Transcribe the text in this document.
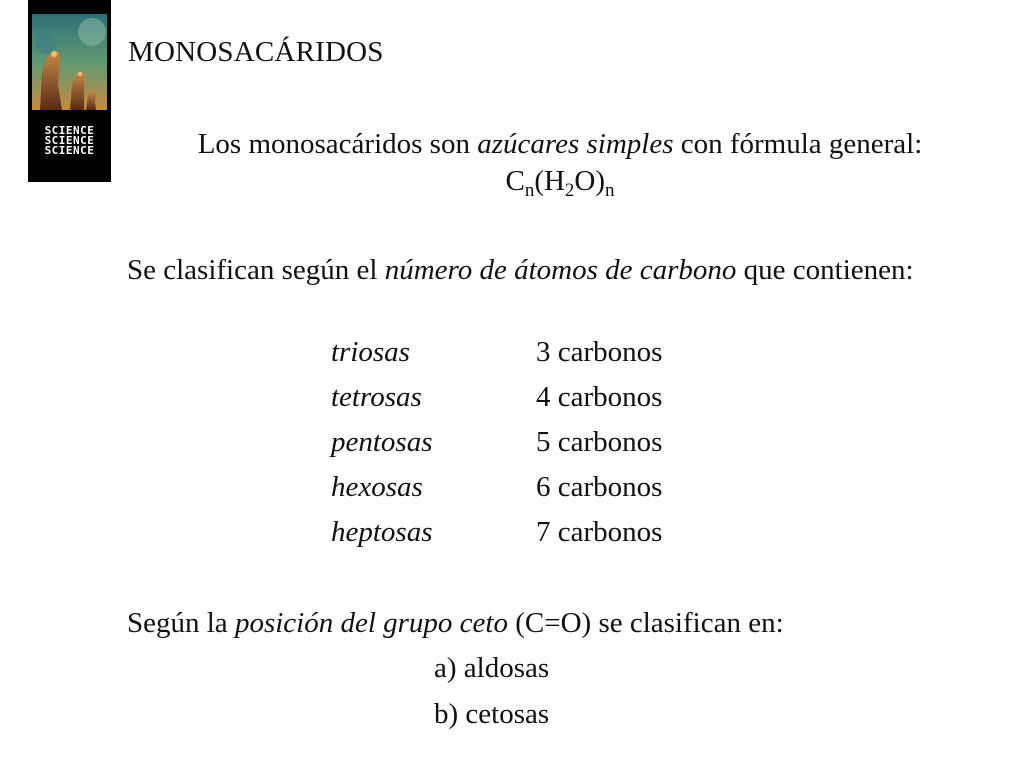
SCIENCE
SCIENCE
SCIENCE
MONOSACÁRIDOS
Los monosacáridos son azúcares simples con fórmula general:
$C_n(H_2O)_n$
Se clasifican según el número de átomos de carbono que contienen:
triosas	3 carbonos
tetrosas	4 carbonos
pentosas	5 carbonos
hexosas	6 carbonos
heptosas	7 carbonos
Según la posición del grupo ceto (C=O) se clasifican en:
a) aldosas
b) cetosas
